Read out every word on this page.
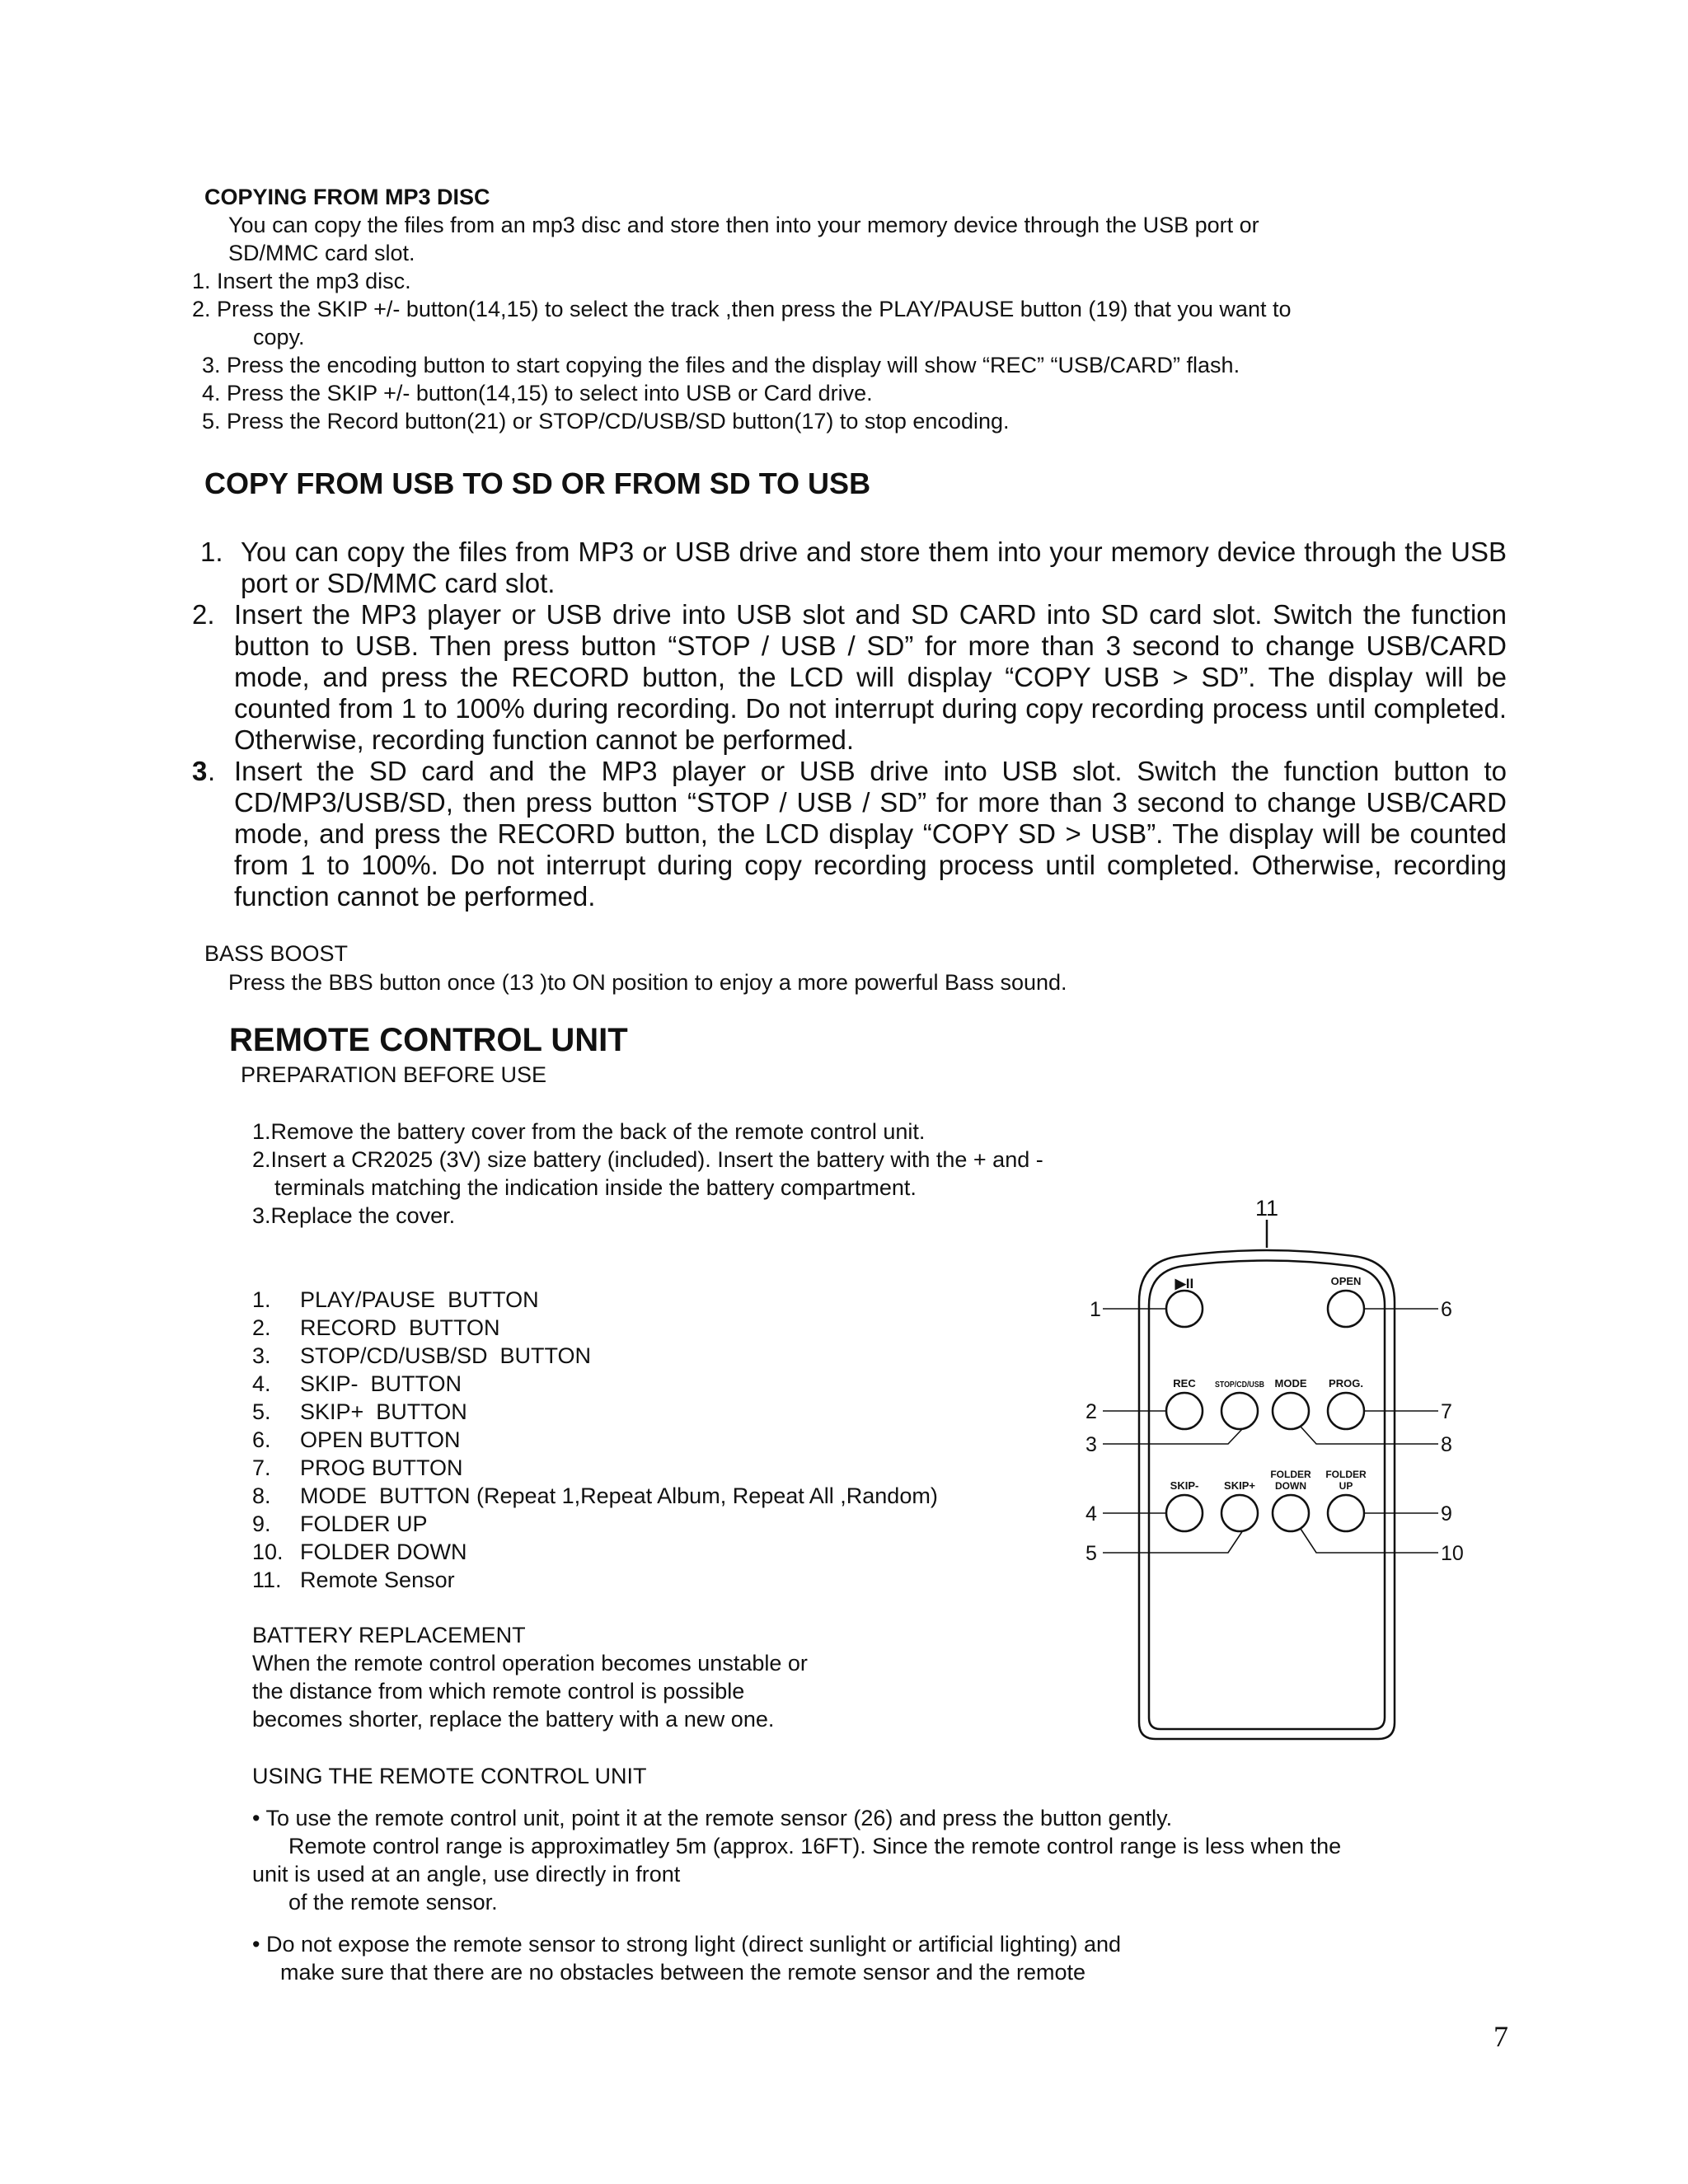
COPYING FROM MP3 DISC

You can copy the files from an mp3 disc and store then into your memory device through the USB port or

SD/MMC card slot.

1. Insert the mp3 disc.

2. Press the SKIP +/- button(14,15) to select the track ,then press the PLAY/PAUSE button (19) that you want to

copy.

3. Press the encoding button to start copying the files and the display will show “REC” “USB/CARD” flash.

4. Press the SKIP +/- button(14,15) to select into USB or Card drive.

5. Press the Record button(21) or STOP/CD/USB/SD button(17) to stop encoding.

COPY FROM USB TO SD OR FROM SD TO USB

1. You can copy the files from MP3 or USB drive and store them into your memory device through the USB port or SD/MMC card slot.

2. Insert the MP3 player or USB drive into USB slot and SD CARD into SD card slot. Switch the function button to USB. Then press button “STOP / USB / SD” for more than 3 second to change USB/CARD mode, and press the RECORD button, the LCD will display “COPY USB > SD”. The display will be counted from 1 to 100% during recording. Do not interrupt during copy recording process until completed. Otherwise, recording function cannot be performed.

3 . Insert the SD card and the MP3 player or USB drive into USB slot. Switch the function button to CD/MP3/USB/SD, then press button “STOP / USB / SD” for more than 3 second to change USB/CARD mode, and press the RECORD button, the LCD display “COPY SD > USB”. The display will be counted from 1 to 100%. Do not interrupt during copy recording process until completed. Otherwise, recording function cannot be performed.

BASS BOOST

Press the BBS button once (13 )to ON position to enjoy a more powerful Bass sound.

REMOTE CONTROL UNIT

PREPARATION BEFORE USE

1.Remove the battery cover from the back of the remote control unit.

2.Insert a CR2025 (3V) size battery (included). Insert the battery with the + and -

terminals matching the indication inside the battery compartment.

3.Replace the cover.

1. PLAY/PAUSE  BUTTON
2. RECORD  BUTTON
3. STOP/CD/USB/SD  BUTTON
4. SKIP-  BUTTON
5. SKIP+  BUTTON
6. OPEN BUTTON
7. PROG BUTTON
8. MODE  BUTTON (Repeat 1,Repeat Album, Repeat All ,Random)
9. FOLDER UP
10. FOLDER DOWN
11. Remote Sensor

BATTERY REPLACEMENT

When the remote control operation becomes unstable or

the distance from which remote control is possible

becomes shorter, replace the battery with a new one.

USING THE REMOTE CONTROL UNIT

• To use the remote control unit, point it at the remote sensor (26) and press the button gently.

Remote control range is approximatley 5m (approx. 16FT). Since the remote control range is less when the

unit is used at an angle, use directly in front

of the remote sensor.

• Do not expose the remote sensor to strong light (direct sunlight or artificial lighting) and

make sure that there are no obstacles between the remote sensor and the remote

7

11
▶II	OPEN
REC STOP/CD/USB MODE PROG.
SKIP- SKIP+
FOLDER
DOWN
FOLDER
UP
1
2
3
4
5
6
7
8
9
10
